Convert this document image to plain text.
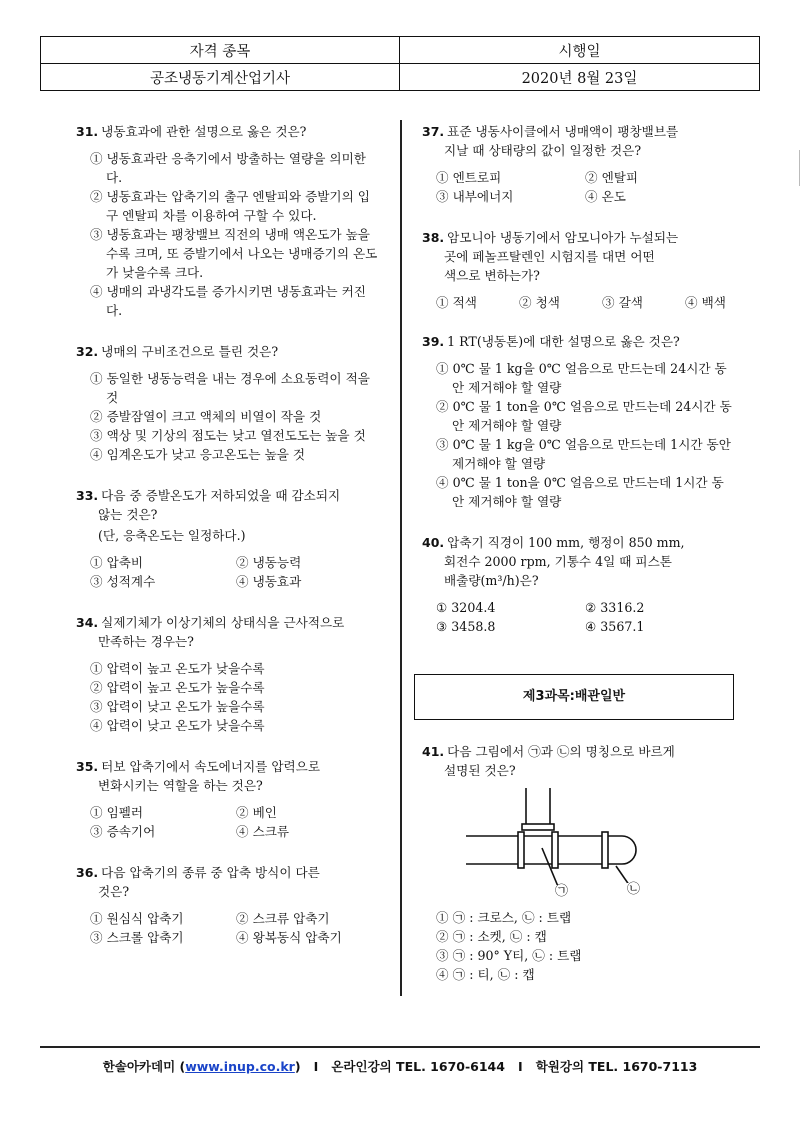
자격 종목	시행일
공조냉동기계산업기사	2020년 8월 23일
31. 냉동효과에 관한 설명으로 옳은 것은?
① 냉동효과란 응축기에서 방출하는 열량을 의미한다.
② 냉동효과는 압축기의 출구 엔탈피와 증발기의 입구 엔탈피 차를 이용하여 구할 수 있다.
③ 냉동효과는 팽창밸브 직전의 냉매 액온도가 높을수록 크며, 또 증발기에서 나오는 냉매증기의 온도가 낮을수록 크다.
④ 냉매의 과냉각도를 증가시키면 냉동효과는 커진다.
32. 냉매의 구비조건으로 틀린 것은?
① 동일한 냉동능력을 내는 경우에 소요동력이 적을 것
② 증발잠열이 크고 액체의 비열이 작을 것
③ 액상 및 기상의 점도는 낮고 열전도도는 높을 것
④ 임계온도가 낮고 응고온도는 높을 것
33. 다음 중 증발온도가 저하되었을 때 감소되지
않는 것은?
(단, 응축온도는 일정하다.)
① 압축비	② 냉동능력
③ 성적계수	④ 냉동효과
34. 실제기체가 이상기체의 상태식을 근사적으로
만족하는 경우는?
① 압력이 높고 온도가 낮을수록
② 압력이 높고 온도가 높을수록
③ 압력이 낮고 온도가 높을수록
④ 압력이 낮고 온도가 낮을수록
35. 터보 압축기에서 속도에너지를 압력으로
변화시키는 역할을 하는 것은?
① 임펠러	② 베인
③ 증속기어	④ 스크류
36. 다음 압축기의 종류 중 압축 방식이 다른
것은?
① 원심식 압축기	② 스크류 압축기
③ 스크롤 압축기	④ 왕복동식 압축기
37. 표준 냉동사이클에서 냉매액이 팽창밸브를
지날 때 상태량의 값이 일정한 것은?
① 엔트로피	② 엔탈피
③ 내부에너지	④ 온도
38. 암모니아 냉동기에서 암모니아가 누설되는
곳에 페놀프탈렌인 시험지를 대면 어떤
색으로 변하는가?
① 적색	② 청색	③ 갈색	④ 백색
39. 1 RT(냉동톤)에 대한 설명으로 옳은 것은?
① 0℃ 물 1 kg을 0℃ 얼음으로 만드는데 24시간 동안 제거해야 할 열량
② 0℃ 물 1 ton을 0℃ 얼음으로 만드는데 24시간 동안 제거해야 할 열량
③ 0℃ 물 1 kg을 0℃ 얼음으로 만드는데 1시간 동안 제거해야 할 열량
④ 0℃ 물 1 ton을 0℃ 얼음으로 만드는데 1시간 동안 제거해야 할 열량
40. 압축기 직경이 100 mm, 행정이 850 mm,
회전수 2000 rpm, 기통수 4일 때 피스톤
배출량(m³/h)은?
① 3204.4	② 3316.2
③ 3458.8	④ 3567.1
제3과목:배관일반
41. 다음 그림에서 ㉠과 ㉡의 명칭으로 바르게
설명된 것은?
㉠	㉡
① ㉠ : 크로스, ㉡ : 트랩
② ㉠ : 소켓, ㉡ : 캡
③ ㉠ : 90° Y티, ㉡ : 트랩
④ ㉠ : 티, ㉡ : 캡
한솔아카데미 (www.inup.co.kr) I 온라인강의 TEL. 1670-6144 I 학원강의 TEL. 1670-7113
